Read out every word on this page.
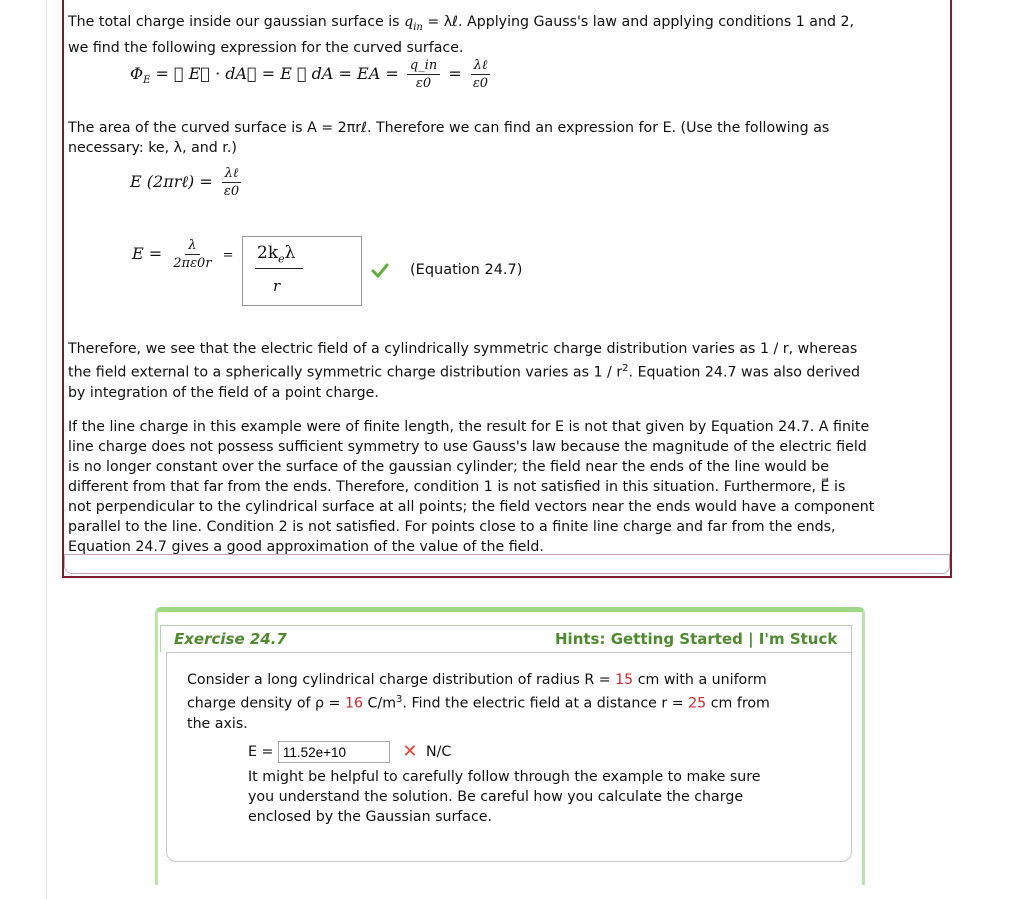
The total charge inside our gaussian surface is $q_{in}$ = λℓ. Applying Gauss's law and applying conditions 1 and 2,
we find the following expression for the curved surface.
$\Phi_E$ = ∮ E⃗ · dA⃗ = E ∮ dA = EA = $\frac{q\_in}{\varepsilon 0} = \frac{\text{λℓ}}{\varepsilon 0}$
The area of the curved surface is A = 2πrℓ. Therefore we can find an expression for E. (Use the following as
necessary: ke, λ, and r.)
E (2πrℓ) = $\frac{\text{λℓ}}{\varepsilon 0}$
$E = \frac{\lambda}{2\pi\varepsilon 0r} = 2k_e\lambda$
r
(Equation 24.7)
Therefore, we see that the electric field of a cylindrically symmetric charge distribution varies as 1 / r, whereas
the field external to a spherically symmetric charge distribution varies as $1 / r^2$. Equation 24.7 was also derived
by integration of the field of a point charge.
If the line charge in this example were of finite length, the result for E is not that given by Equation 24.7. A finite
line charge does not possess sufficient symmetry to use Gauss's law because the magnitude of the electric field
is no longer constant over the surface of the gaussian cylinder; the field near the ends of the line would be
different from that far from the ends. Therefore, condition 1 is not satisfied in this situation. Furthermore, E⃗ is
not perpendicular to the cylindrical surface at all points; the field vectors near the ends would have a component
parallel to the line. Condition 2 is not satisfied. For points close to a finite line charge and far from the ends,
Equation 24.7 gives a good approximation of the value of the field.
Exercise 24.7	Hints: Getting Started | I'm Stuck
Consider a long cylindrical charge distribution of radius R = 15 cm with a uniform
charge density of ρ = 16 $C/m^3$. Find the electric field at a distance r = 25 cm from
the axis.
E = 11.52e+10	✕ N/C
It might be helpful to carefully follow through the example to make sure
you understand the solution. Be careful how you calculate the charge
enclosed by the Gaussian surface.
